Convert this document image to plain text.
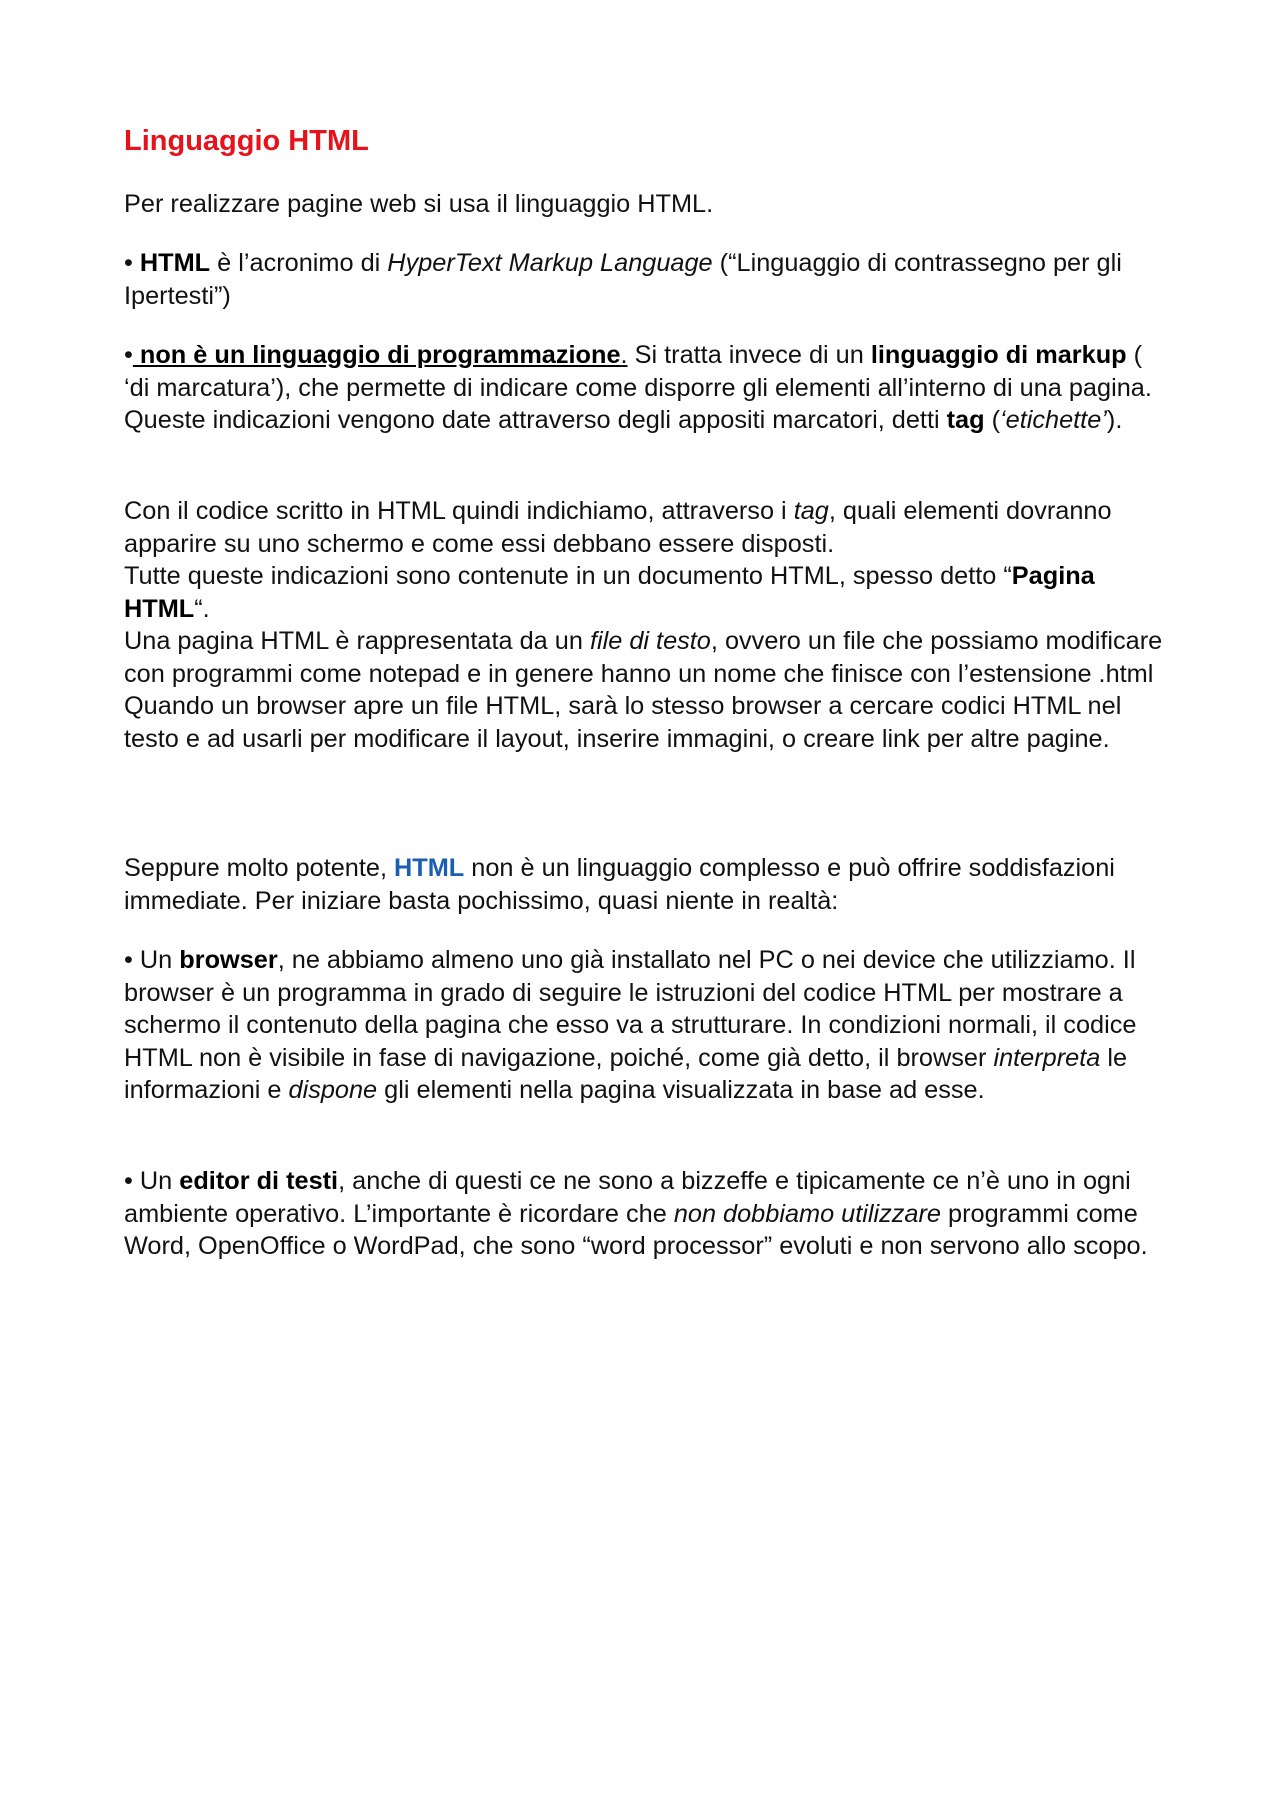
Linguaggio HTML

Per realizzare pagine web si usa il linguaggio HTML.

• HTML è l’acronimo di HyperText Markup Language (“Linguaggio di contrassegno per gli Ipertesti”)

• non è un linguaggio di programmazione. Si tratta invece di un linguaggio di markup ( ‘di marcatura’), che permette di indicare come disporre gli elementi all’interno di una pagina. Queste indicazioni vengono date attraverso degli appositi marcatori, detti tag (‘etichette’).

Con il codice scritto in HTML quindi indichiamo, attraverso i tag, quali elementi dovranno apparire su uno schermo e come essi debbano essere disposti.
Tutte queste indicazioni sono contenute in un documento HTML, spesso detto “Pagina HTML“.
Una pagina HTML è rappresentata da un file di testo, ovvero un file che possiamo modificare con programmi come notepad e in genere hanno un nome che finisce con l’estensione .html
Quando un browser apre un file HTML, sarà lo stesso browser a cercare codici HTML nel testo e ad usarli per modificare il layout, inserire immagini, o creare link per altre pagine.

Seppure molto potente, HTML non è un linguaggio complesso e può offrire soddisfazioni immediate. Per iniziare basta pochissimo, quasi niente in realtà:

• Un browser, ne abbiamo almeno uno già installato nel PC o nei device che utilizziamo. Il browser è un programma in grado di seguire le istruzioni del codice HTML per mostrare a schermo il contenuto della pagina che esso va a strutturare. In condizioni normali, il codice HTML non è visibile in fase di navigazione, poiché, come già detto, il browser interpreta le informazioni e dispone gli elementi nella pagina visualizzata in base ad esse.

• Un editor di testi, anche di questi ce ne sono a bizzeffe e tipicamente ce n’è uno in ogni ambiente operativo. L’importante è ricordare che non dobbiamo utilizzare programmi come Word, OpenOffice o WordPad, che sono “word processor” evoluti e non servono allo scopo.
